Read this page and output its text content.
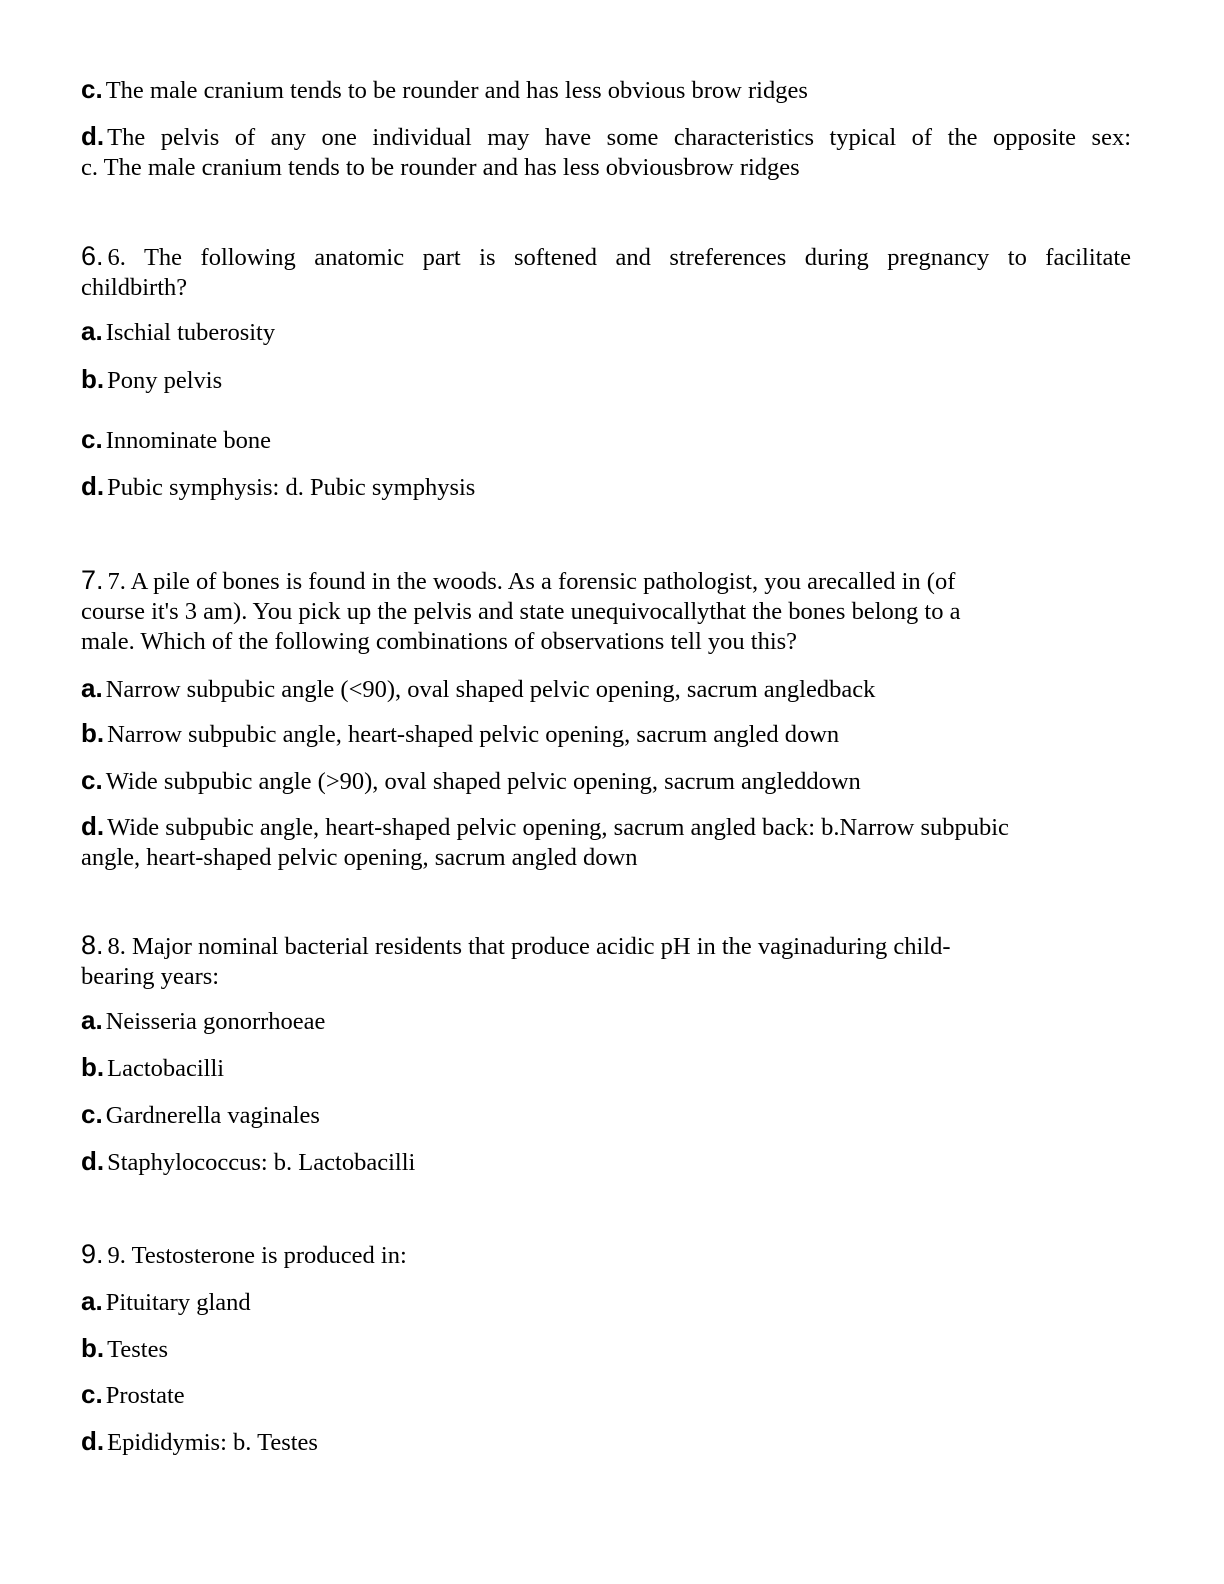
c. The male cranium tends to be rounder and has less obvious brow ridges
d. The pelvis of any one individual may have some characteristics typical of the opposite sex:
c. The male cranium tends to be rounder and has less obviousbrow ridges
6. 6. The following anatomic part is softened and streferences during pregnancy to facilitate
childbirth?
a. Ischial tuberosity
b. Pony pelvis
c. Innominate bone
d. Pubic symphysis: d. Pubic symphysis
7. 7. A pile of bones is found in the woods. As a forensic pathologist, you arecalled in (of
course it's 3 am). You pick up the pelvis and state unequivocallythat the bones belong to a
male. Which of the following combinations of observations tell you this?
a. Narrow subpubic angle (<90), oval shaped pelvic opening, sacrum angledback
b. Narrow subpubic angle, heart-shaped pelvic opening, sacrum angled down
c. Wide subpubic angle (>90), oval shaped pelvic opening, sacrum angleddown
d. Wide subpubic angle, heart-shaped pelvic opening, sacrum angled back: b.Narrow subpubic
angle, heart-shaped pelvic opening, sacrum angled down
8. 8. Major nominal bacterial residents that produce acidic pH in the vaginaduring child-
bearing years:
a. Neisseria gonorrhoeae
b. Lactobacilli
c. Gardnerella vaginales
d. Staphylococcus: b. Lactobacilli
9. 9. Testosterone is produced in:
a. Pituitary gland
b. Testes
c. Prostate
d. Epididymis: b. Testes
